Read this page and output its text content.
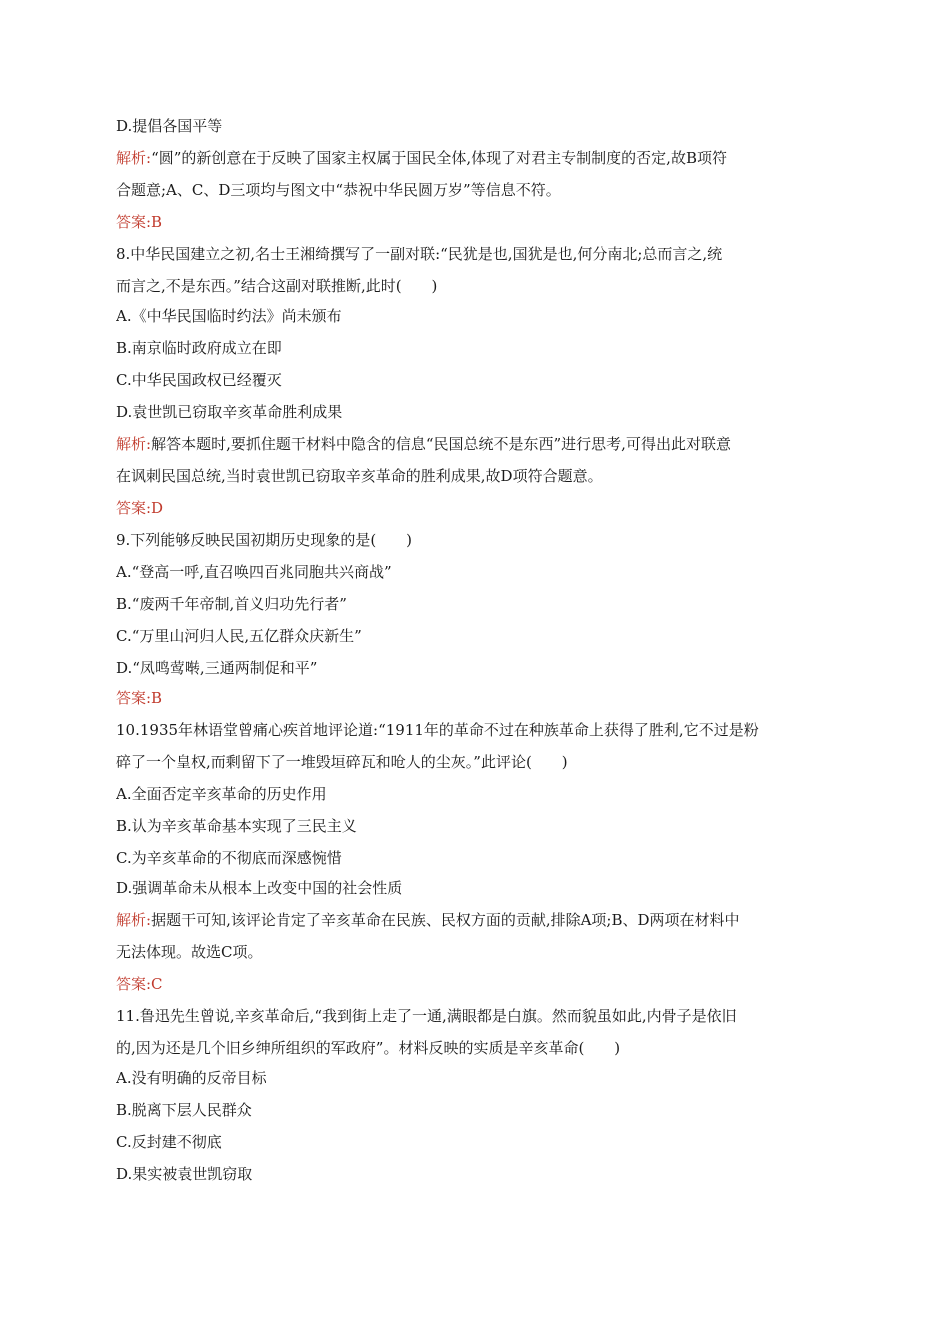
D.提倡各国平等
解析:“圆”的新创意在于反映了国家主权属于国民全体,体现了对君主专制制度的否定,故B项符
合题意;A、C、D三项均与图文中“恭祝中华民圆万岁”等信息不符。
答案:B
8.中华民国建立之初,名士王湘绮撰写了一副对联:“民犹是也,国犹是也,何分南北;总而言之,统
而言之,不是东西。”结合这副对联推断,此时(　　)
A.《中华民国临时约法》尚未颁布
B.南京临时政府成立在即
C.中华民国政权已经覆灭
D.袁世凯已窃取辛亥革命胜利成果
解析:解答本题时,要抓住题干材料中隐含的信息“民国总统不是东西”进行思考,可得出此对联意
在讽刺民国总统,当时袁世凯已窃取辛亥革命的胜利成果,故D项符合题意。
答案:D
9.下列能够反映民国初期历史现象的是(　　)
A.“登高一呼,直召唤四百兆同胞共兴商战”
B.“废两千年帝制,首义归功先行者”
C.“万里山河归人民,五亿群众庆新生”
D.“凤鸣莺啭,三通两制促和平”
答案:B
10.1935年林语堂曾痛心疾首地评论道:“1911年的革命不过在种族革命上获得了胜利,它不过是粉
碎了一个皇权,而剩留下了一堆毁垣碎瓦和呛人的尘灰。”此评论(　　)
A.全面否定辛亥革命的历史作用
B.认为辛亥革命基本实现了三民主义
C.为辛亥革命的不彻底而深感惋惜
D.强调革命未从根本上改变中国的社会性质
解析:据题干可知,该评论肯定了辛亥革命在民族、民权方面的贡献,排除A项;B、D两项在材料中
无法体现。故选C项。
答案:C
11.鲁迅先生曾说,辛亥革命后,“我到街上走了一通,满眼都是白旗。然而貌虽如此,内骨子是依旧
的,因为还是几个旧乡绅所组织的军政府”。材料反映的实质是辛亥革命(　　)
A.没有明确的反帝目标
B.脱离下层人民群众
C.反封建不彻底
D.果实被袁世凯窃取
